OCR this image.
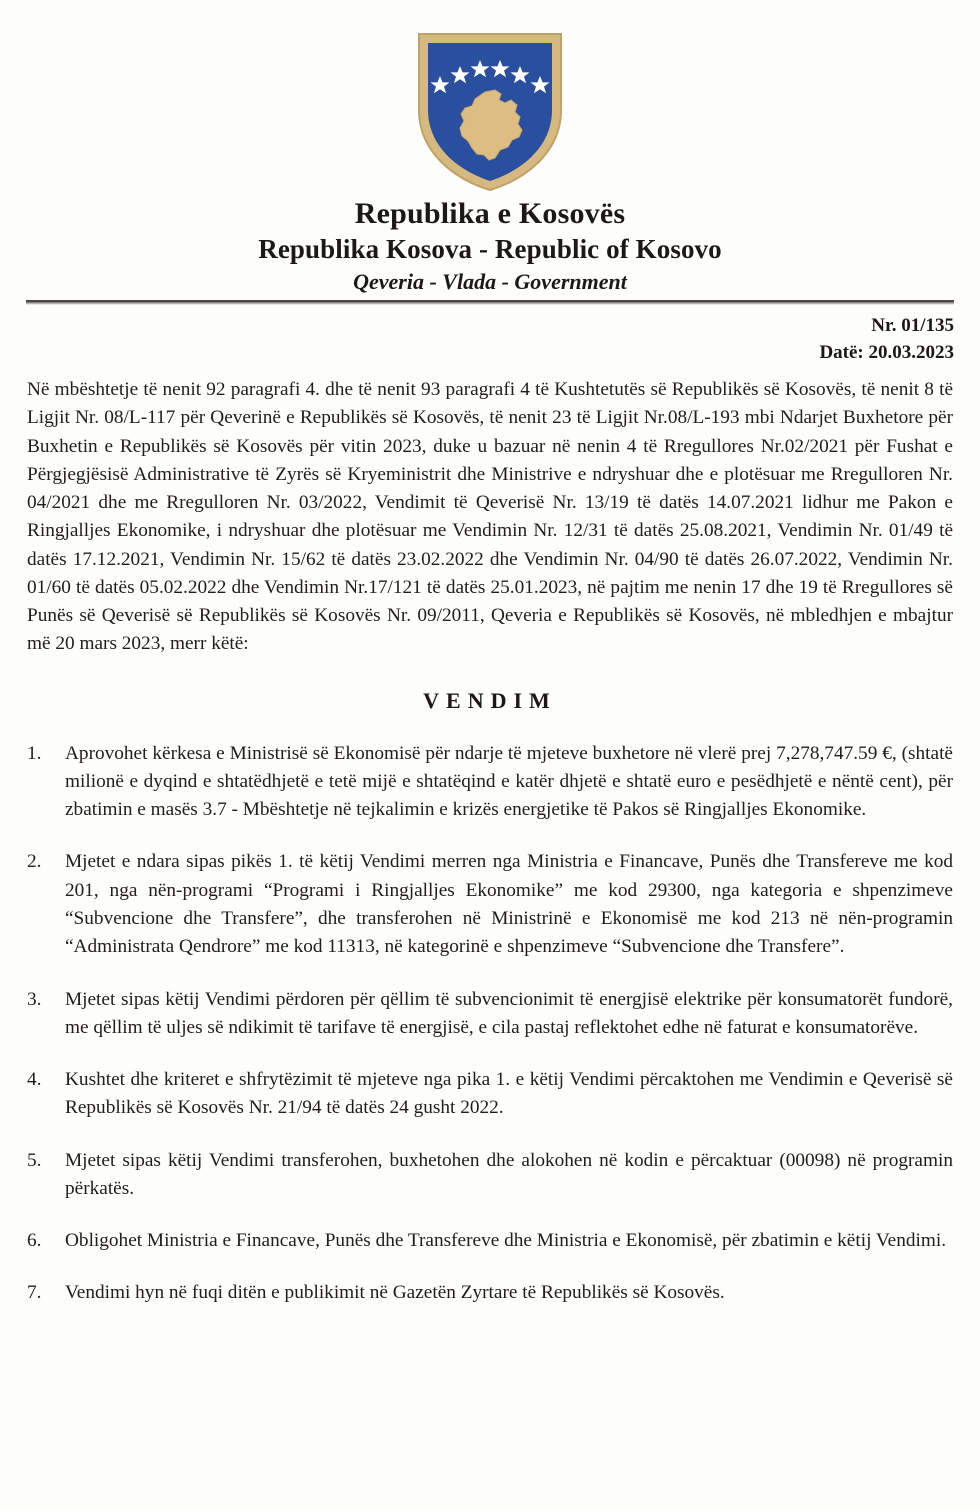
Republika e Kosovës
Republika Kosova - Republic of Kosovo
Qeveria - Vlada - Government
Nr. 01/135
Datë: 20.03.2023
Në mbështetje të nenit 92 paragrafi 4. dhe të nenit 93 paragrafi 4 të Kushtetutës së Republikës së Kosovës, të nenit 8 të Ligjit Nr. 08/L-117 për Qeverinë e Republikës së Kosovës, të nenit 23 të Ligjit Nr.08/L-193 mbi Ndarjet Buxhetore për Buxhetin e Republikës së Kosovës për vitin 2023, duke u bazuar në nenin 4 të Rregullores Nr.02/2021 për Fushat e Përgjegjësisë Administrative të Zyrës së Kryeministrit dhe Ministrive e ndryshuar dhe e plotësuar me Rregulloren Nr. 04/2021 dhe me Rregulloren Nr. 03/2022, Vendimit të Qeverisë Nr. 13/19 të datës 14.07.2021 lidhur me Pakon e Ringjalljes Ekonomike, i ndryshuar dhe plotësuar me Vendimin Nr. 12/31 të datës 25.08.2021, Vendimin Nr. 01/49 të datës 17.12.2021, Vendimin Nr. 15/62 të datës 23.02.2022 dhe Vendimin Nr. 04/90 të datës 26.07.2022, Vendimin Nr. 01/60 të datës 05.02.2022 dhe Vendimin Nr.17/121 të datës 25.01.2023, në pajtim me nenin 17 dhe 19 të Rregullores së Punës së Qeverisë së Republikës së Kosovës Nr. 09/2011, Qeveria e Republikës së Kosovës, në mbledhjen e mbajtur më 20 mars 2023, merr këtë:
VENDIM
1.	Aprovohet kërkesa e Ministrisë së Ekonomisë për ndarje të mjeteve buxhetore në vlerë prej 7,278,747.59 €, (shtatë milionë e dyqind e shtatëdhjetë e tetë mijë e shtatëqind e katër dhjetë e shtatë euro e pesëdhjetë e nëntë cent), për zbatimin e masës 3.7 - Mbështetje në tejkalimin e krizës energjetike të Pakos së Ringjalljes Ekonomike.
2.	Mjetet e ndara sipas pikës 1. të këtij Vendimi merren nga Ministria e Financave, Punës dhe Transfereve me kod 201, nga nën-programi “Programi i Ringjalljes Ekonomike” me kod 29300, nga kategoria e shpenzimeve “Subvencione dhe Transfere”, dhe transferohen në Ministrinë e Ekonomisë me kod 213 në nën-programin “Administrata Qendrore” me kod 11313, në kategorinë e shpenzimeve “Subvencione dhe Transfere”.
3.	Mjetet sipas këtij Vendimi përdoren për qëllim të subvencionimit të energjisë elektrike për konsumatorët fundorë, me qëllim të uljes së ndikimit të tarifave të energjisë, e cila pastaj reflektohet edhe në faturat e konsumatorëve.
4.	Kushtet dhe kriteret e shfrytëzimit të mjeteve nga pika 1. e këtij Vendimi përcaktohen me Vendimin e Qeverisë së Republikës së Kosovës Nr. 21/94 të datës 24 gusht 2022.
5.	Mjetet sipas këtij Vendimi transferohen, buxhetohen dhe alokohen në kodin e përcaktuar (00098) në programin përkatës.
6.	Obligohet Ministria e Financave, Punës dhe Transfereve dhe Ministria e Ekonomisë, për zbatimin e këtij Vendimi.
7.	Vendimi hyn në fuqi ditën e publikimit në Gazetën Zyrtare të Republikës së Kosovës.
